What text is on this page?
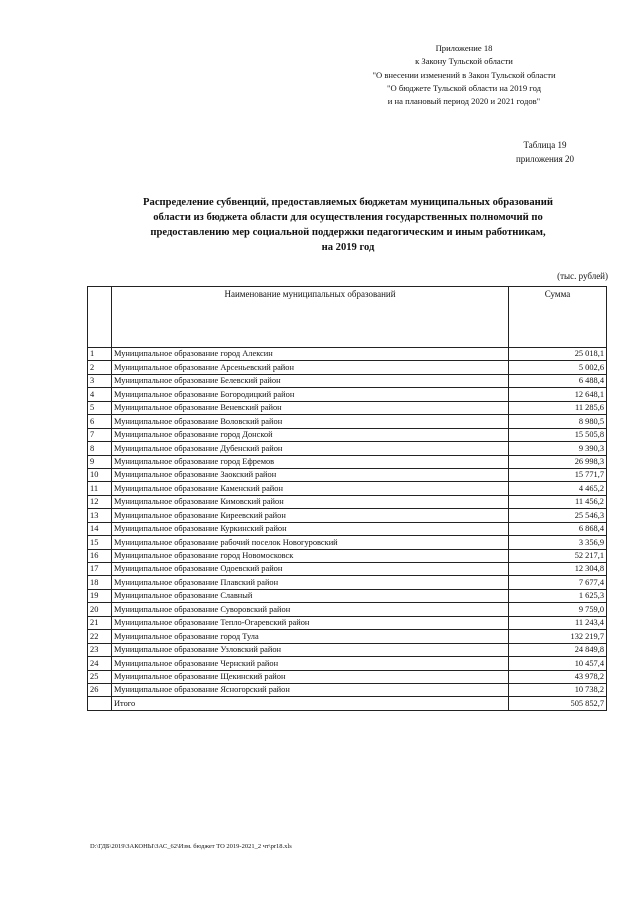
Приложение 18
к Закону Тульской области
"О внесении изменений в Закон Тульской области
"О бюджете Тульской области на 2019 год
и на плановый период 2020 и 2021 годов"
Таблица 19
приложения 20
Распределение субвенций, предоставляемых бюджетам муниципальных образований
области из бюджета области для осуществления государственных полномочий по
предоставлению мер социальной поддержки педагогическим и иным работникам,
на 2019 год
(тыс. рублей)
	Наименование муниципальных образований	Сумма
1	Муниципальное образование город Алексин	25 018,1
2	Муниципальное образование Арсеньевский район	5 002,6
3	Муниципальное образование Белевский район	6 488,4
4	Муниципальное образование Богородицкий район	12 648,1
5	Муниципальное образование Веневский район	11 285,6
6	Муниципальное образование Воловский район	8 980,5
7	Муниципальное образование город Донской	15 505,8
8	Муниципальное образование Дубенский район	9 390,3
9	Муниципальное образование город Ефремов	26 998,3
10	Муниципальное образование Заокский район	15 771,7
11	Муниципальное образование Каменский район	4 465,2
12	Муниципальное образование Кимовский район	11 456,2
13	Муниципальное образование Киреевский район	25 546,3
14	Муниципальное образование Куркинский район	6 868,4
15	Муниципальное образование рабочий поселок Новогуровский	3 356,9
16	Муниципальное образование город Новомосковск	52 217,1
17	Муниципальное образование Одоевский район	12 304,8
18	Муниципальное образование Плавский район	7 677,4
19	Муниципальное образование Славный	1 625,3
20	Муниципальное образование Суворовский район	9 759,0
21	Муниципальное образование Тепло-Огаревский район	11 243,4
22	Муниципальное образование город Тула	132 219,7
23	Муниципальное образование Узловский район	24 849,8
24	Муниципальное образование Чернский район	10 457,4
25	Муниципальное образование Щекинский район	43 978,2
26	Муниципальное образование Ясногорский район	10 738,2
	Итого	505 852,7
D:\ГДБ\2019\ЗАКОНЫ\ЗАС_62\Изм. бюджет ТО 2019-2021_2 чт\pr18.xls
